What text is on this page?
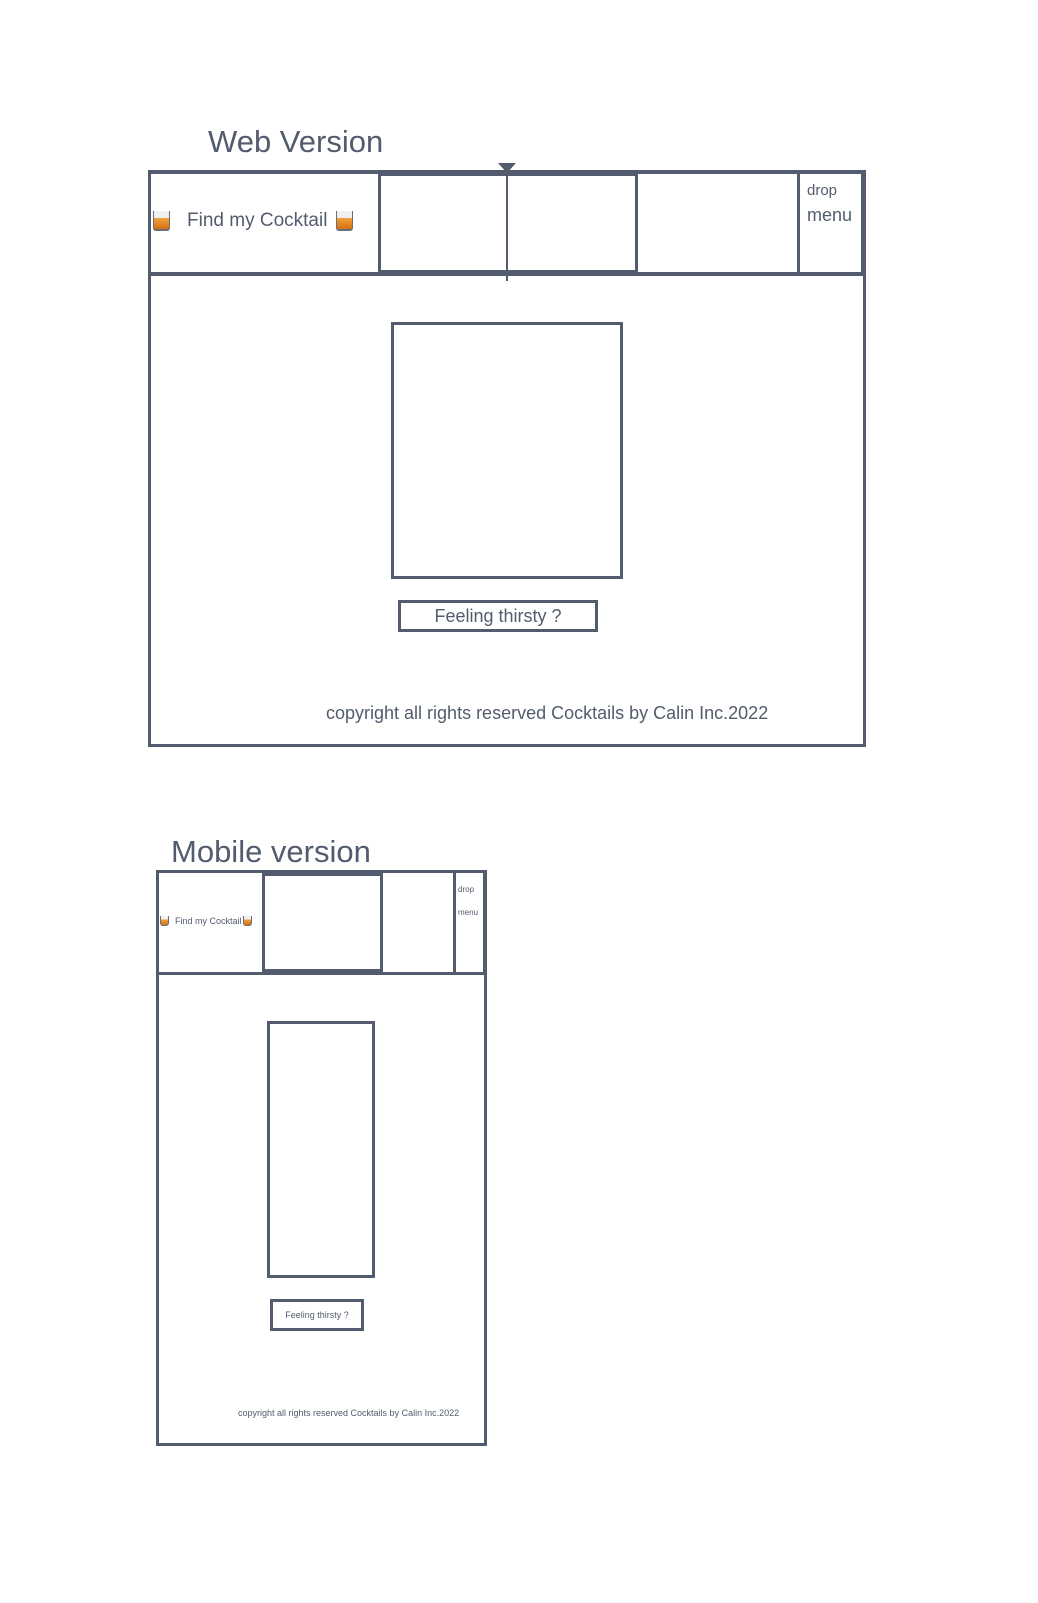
Web Version
Find my Cocktail
drop
menu
Feeling thirsty ?
copyright all rights reserved Cocktails by Calin Inc.2022
Mobile version
Find my Cocktail
drop
menu
Feeling thirsty ?
copyright all rights reserved Cocktails by Calin Inc.2022
